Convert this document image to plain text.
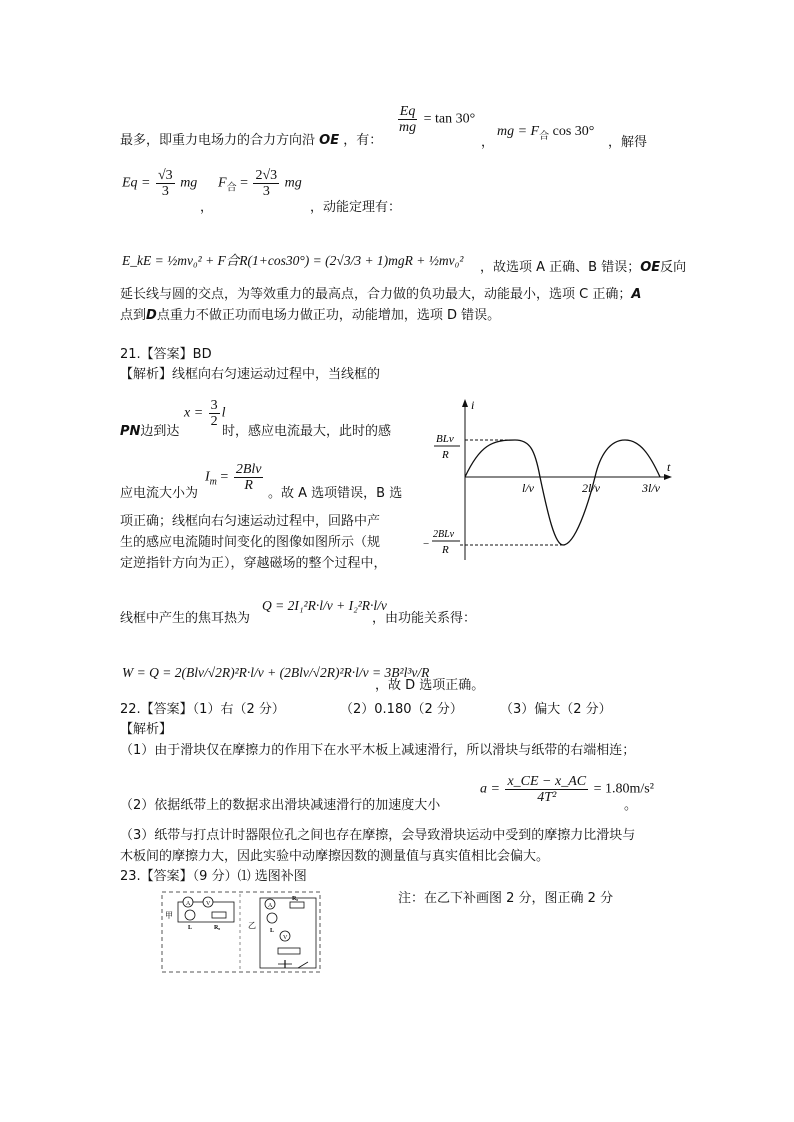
最多，即重力电场力的合力方向沿 OE ，有：
$\frac{Eq}{mg} = \tan 30^\circ$
，
mg = $F_合$ cos 30°
，解得
$Eq = \frac{√3}{3}$ mg
，
$F_合 = \frac{2√3}{3}$ mg
，动能定理有：
E_kE = ½mv₀² + F合R(1+cos30°) = (2√3/3 + 1)mgR + ½mv₀² ，故选项 A 正确、B 错误；OE反向
延长线与圆的交点，为等效重力的最高点，合力做的负功最大，动能最小，选项 C 正确；A
点到D点重力不做正功而电场力做正功，动能增加，选项 D 错误。
21.【答案】BD
【解析】线框向右匀速运动过程中，当线框的
PN边到达
$x = \frac{3}{2}$ l
时，感应电流最大，此时的感
应电流大小为
$I_m = \frac{\text{2Blv}}{R}$
。故 A 选项错误，B 选
项正确；线框向右匀速运动过程中，回路中产
生的感应电流随时间变化的图像如图所示（规
定逆指针方向为正），穿越磁场的整个过程中，
线框中产生的焦耳热为
Q = 2I₁²R·l/v + I₂²R·l/v
，由功能关系得：
W = Q = 2(Blv/√2R)²R·l/v + (2Blv/√2R)²R·l/v = 3B²l³v/R
，故 D 选项正确。
i
t
BLv
R
−
2BLv
R
l/v	2l/v	3l/v
22.【答案】（1）右（2 分）	（2）0.180（2 分）	（3）偏大（2 分）
【解析】
（1）由于滑块仅在摩擦力的作用下在水平木板上减速滑行，所以滑块与纸带的右端相连；
（2）依据纸带上的数据求出滑块减速滑行的加速度大小
$a = \frac{x\_CE - x\_AC}{\text{4T²}} = 1.80m/s^2$
。
（3）纸带与打点计时器限位孔之间也存在摩擦，会导致滑块运动中受到的摩擦力比滑块与
木板间的摩擦力大，因此实验中动摩擦因数的测量值与真实值相比会偏大。
23.【答案】（9 分）⑴ 选图补图
注：在乙下补画图 2 分，图正确 2 分
甲
A	V
L	R₀	乙
A
R₀
L
V
